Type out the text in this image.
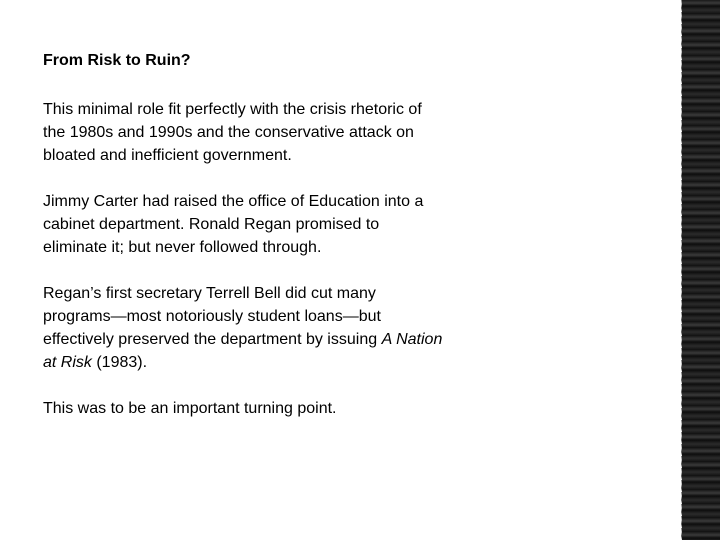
From Risk to Ruin?
This minimal role fit perfectly with the crisis rhetoric of the 1980s and 1990s and the conservative attack on bloated and inefficient government.
Jimmy Carter had raised the office of Education into a cabinet department. Ronald Regan promised to eliminate it; but never followed through.
Regan’s first secretary Terrell Bell did cut many programs—most notoriously student loans—but effectively preserved the department by issuing A Nation at Risk (1983).
This was to be an important turning point.
